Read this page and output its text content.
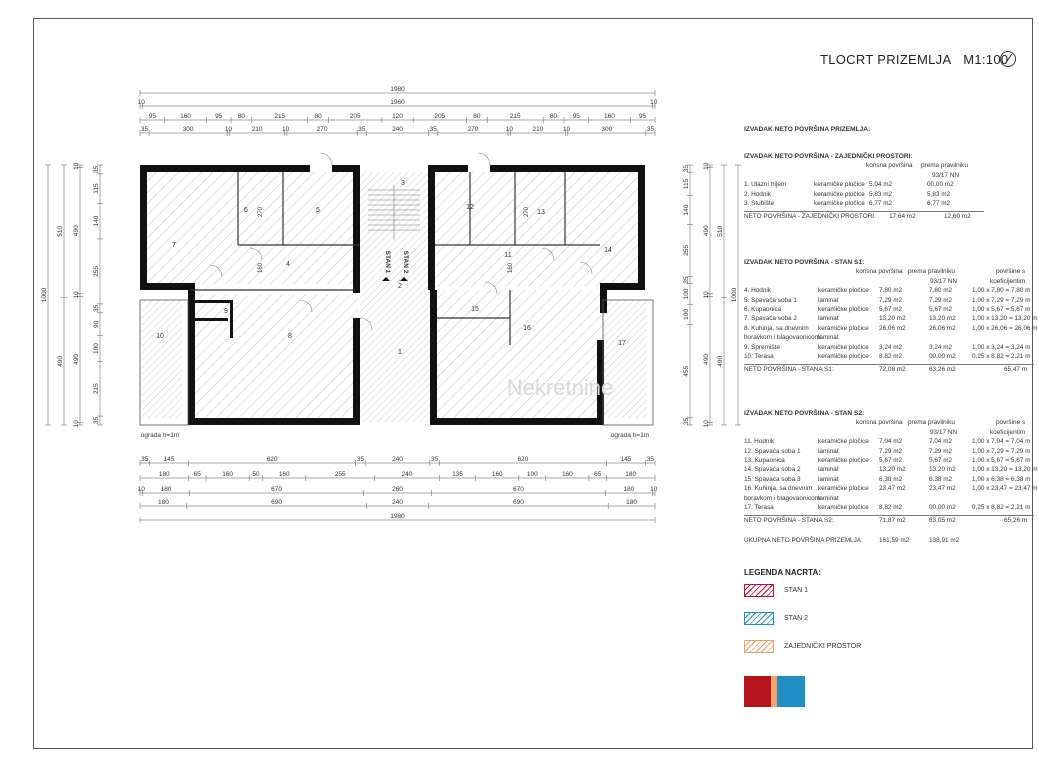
1980
10	1960	10
95	160	95 80	215	80	205	120	205	80	215	80 95	160	95
35	300	10	210	10	270	35	240	35	270	10	210	10	300	35
35 145	620	35	240	35	620	145 35
180	65	160	50	160	255	240	135	160	100	160	65	180
10 180	670	260	670	180 10
180	690	240	690	180
1980
35
115
140
255
35
90
100
215
35
10
490
10
490
10
510
490
1000
35
115
140
255
35
100
100
455
35
10
490
10
490
10
510
490
1000
Nekretnine
1
2
3
4
5
6
7
8
9
10
11
12
13
14
15
16
17
270	270
160	160
STAN 1 STAN 2
ograda h=1m	ograda h=1m
TLOCRT PRIZEMLJA M1:100
IZVADAK NETO POVRŠINA PRIZEMLJA:
IZVADAK NETO POVRŠINA - ZAJEDNIČKI PROSTORI:
korisna površina prema pravilniku
93/17 NN
1. Ulazni trijem	keramičke pločice 5,04 m2	00,00 m2
2. Hodnik	keramičke pločice 5,83 m2	5,83 m2
3. Stubište	keramičke pločice 6,77 m2	6,77 m2
NETO POVRŠINA - ZAJEDNIČKI PROSTORI: 17,64 m2	12,60 m2
IZVADAK NETO POVRŠINA - STAN S1:
korisna površina prema pravilniku	površine s
93/17 NN	koeficijentim
4. Hodnik	keramičke pločice 7,80 m2	7,80 m2	1,00 x 7,80 = 7,80 m
5. Spavaća soba 1	laminat	7,29 m2	7,29 m2	1,00 x 7,29 = 7,29 m
6. Kupaonica	keramičke pločice 5,67 m2	5,67 m2	1,00 x 5,67 = 5,67 m
7. Spavaća soba 2	laminat	13,20 m2	13,20 m2	1,00 x 13,20 = 13,20 m
8. Kuhinja, sa dnevnim keramičke pločice 26,06 m2	26,06 m2	1,00 x 26,06 = 26,06 m
boravkom i blagovaonicom
laminat
9. Spremište	keramičke pločice 3,24 m2	3,24 m2	1,00 x 3,24 = 3,24 m
10. Terasa	keramičke pločice 8,82 m2	00,00 m2	0,25 x 8,82 = 2,21 m
NETO POVRŠINA - STANA S1:	72,08 m2	63,26 m2	65,47 m
IZVADAK NETO POVRŠINA - STAN S2:
korisna površina prema pravilniku	površine s
93/17 NN	koeficijentim
11. Hodnik	keramičke pločice 7,04 m2	7,04 m2	1,00 x 7,04 = 7,04 m
12. Spavaća soba 1	laminat	7,29 m2	7,29 m2	1,00 x 7,29 = 7,29 m
13. Kupaonica	keramičke pločice 5,67 m2	5,67 m2	1,00 x 5,67 = 5,67 m
14. Spavaća soba 2	laminat	13,20 m2	13,20 m2	1,00 x 13,20 = 13,20 m
15. Spavaća soba 3	laminat	6,38 m2	6,38 m2	1,00 x 6,38 = 6,38 m
16. Kuhinja, sa dnevnim keramičke pločice 23,47 m2	23,47 m2	1,00 x 23,47 = 23,47 m
boravkom i blagovaonicom
laminat
17. Terasa	keramičke pločice 8,82 m2	00,00 m2	0,25 x 8,82 = 2,21 m
NETO POVRŠINA - STANA S2:	71,87 m2	63,05 m2	65,26 m
UKUPNA NETO POVRŠINA PRIZEMLJA:	161,59 m2	138,91 m2
LEGENDA NACRTA:
STAN 1
STAN 2
ZAJEDNIČKI PROSTOR
